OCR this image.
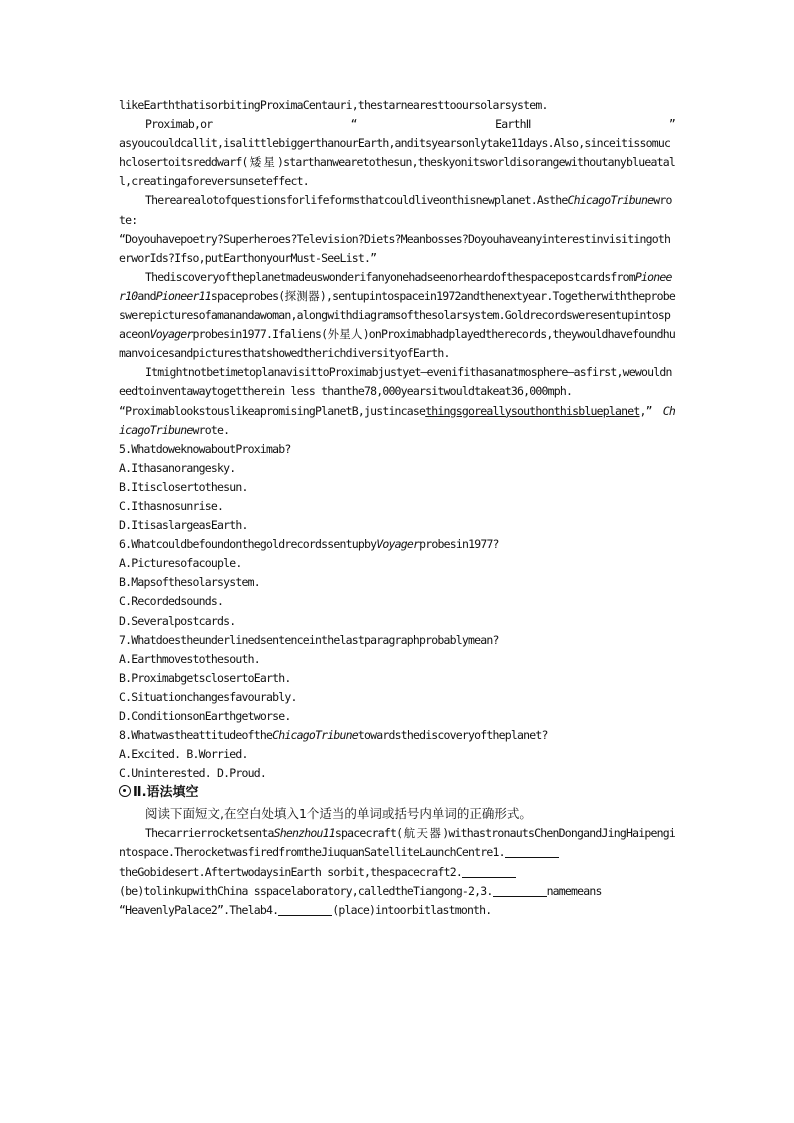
likeEarththatisorbitingProximaCentauri,thestarnearesttooursolarsystem.

Proximab,or	“	EarthⅡ	”

asyoucouldcallit,isalittlebiggerthanourEarth,anditsyearsonlytake11days.Also,sinceitissomuchclosertoitsreddwarf(矮星)starthanwearetothesun,theskyonitsworldisorangewithoutanyblueatall,creatingaforeversunseteffect.

Therearealotofquestionsforlifeformsthatcouldliveonthisnewplanet.AstheChicagoTribunewrote:

“Doyouhavepoetry?Superheroes?Television?Diets?Meanbosses?DoyouhaveanyinterestinvisitingotherworIds?Ifso,putEarthonyourMust-SeeList.”

ThediscoveryoftheplanetmadeuswonderifanyonehadseenorheardofthespacepostcardsfromPioneer10andPioneer11spaceprobes(探测器),sentupintospacein1972andthenextyear.Togetherwiththeprobeswerepicturesofamanandawoman,alongwithdiagramsofthesolarsystem.GoldrecordsweresentupintospaceonVoyagerprobesin1977.Ifaliens(外星人)onProximabhadplayedtherecords,theywouldhavefoundhumanvoicesandpicturesthatshowedtherichdiversityofEarth.

ItmightnotbetimetoplanavisittoProximabjustyet—evenifithasanatmosphere—asfirst,wewouldneedtoinventawaytogettherein less thanthe78,000yearsitwouldtakeat36,000mph.

“ProximablookstouslikeapromisingPlanetB,justincasethingsgoreallysouthonthisblueplanet,” ChicagoTribunewrote.

5.WhatdoweknowaboutProximab?

A.Ithasanorangesky.

B.Itisclosertothesun.

C.Ithasnosunrise.

D.ItisaslargeasEarth.

6.WhatcouldbefoundonthegoldrecordssentupbyVoyagerprobesin1977?

A.Picturesofacouple.

B.Mapsofthesolarsystem.

C.Recordedsounds.

D.Severalpostcards.

7.Whatdoestheunderlinedsentenceinthelastparagraphprobablymean?

A.Earthmovestothesouth.

B.ProximabgetsclosertoEarth.

C.Situationchangesfavourably.

D.ConditionsonEarthgetworse.

8.WhatwastheattitudeoftheChicagoTribunetowardsthediscoveryoftheplanet?

A.Excited. B.Worried.

C.Uninterested. D.Proud.

Ⅱ.语法填空

阅读下面短文,在空白处填入1个适当的单词或括号内单词的正确形式。

ThecarrierrocketsentaShenzhou11spacecraft(航天器)withastronautsChenDongandJingHaipengintospace.TherocketwasfiredfromtheJiuquanSatelliteLaunchCentre1.

theGobidesert.AftertwodaysinEarth sorbit,thespacecraft2.

(be)tolinkupwithChina sspacelaboratory,calledtheTiangong-2,3.	namemeans

“HeavenlyPalace2”.Thelab4.	(place)intoorbitlastmonth.
